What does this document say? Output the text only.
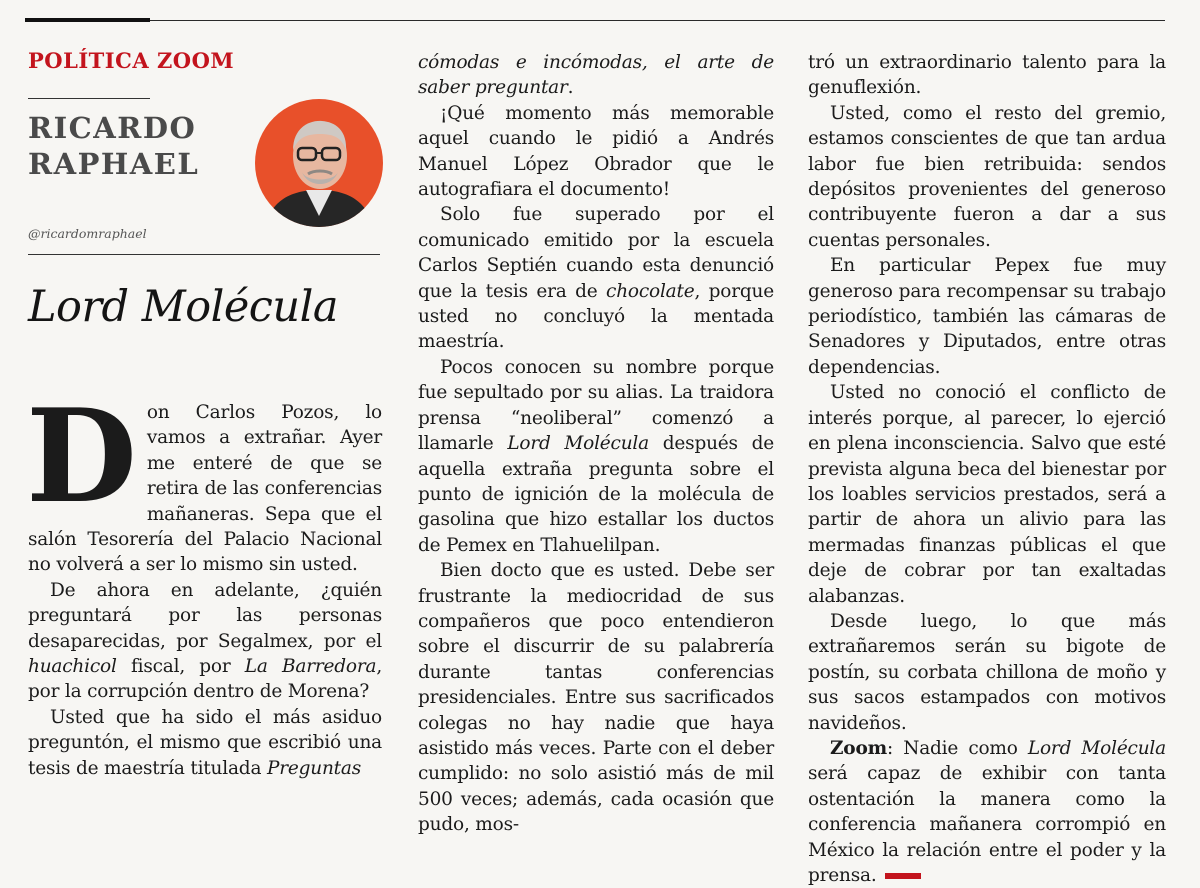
POLÍTICA ZOOM
RICARDO
RAPHAEL
@ricardomraphael
Lord Molécula

Don Carlos Pozos, lo vamos a extrañar. Ayer me enteré de que se retira de las conferencias mañaneras. Sepa que el salón Tesorería del Palacio Nacional no volverá a ser lo mismo sin usted.

De ahora en adelante, ¿quién preguntará por las personas desaparecidas, por Segalmex, por el huachicol fiscal, por La Barredora, por la corrupción dentro de Morena?

Usted que ha sido el más asiduo preguntón, el mismo que escribió una tesis de maestría titulada Preguntas

cómodas e incómodas, el arte de saber preguntar.

¡Qué momento más memorable aquel cuando le pidió a Andrés Manuel López Obrador que le autografiara el documento!

Solo fue superado por el comunicado emitido por la escuela Carlos Septién cuando esta denunció que la tesis era de chocolate, porque usted no concluyó la mentada maestría.

Pocos conocen su nombre porque fue sepultado por su alias. La traidora prensa “neoliberal” comenzó a llamarle Lord Molécula después de aquella extraña pregunta sobre el punto de ignición de la molécula de gasolina que hizo estallar los ductos de Pemex en Tlahuelilpan.

Bien docto que es usted. Debe ser frustrante la mediocridad de sus compañeros que poco entendieron sobre el discurrir de su palabrería durante tantas conferencias presidenciales. Entre sus sacrificados colegas no hay nadie que haya asistido más veces. Parte con el deber cumplido: no solo asistió más de mil 500 veces; además, cada ocasión que pudo, mos-

tró un extraordinario talento para la genuflexión.

Usted, como el resto del gremio, estamos conscientes de que tan ardua labor fue bien retribuida: sendos depósitos provenientes del generoso contribuyente fueron a dar a sus cuentas personales.

En particular Pepex fue muy generoso para recompensar su trabajo periodístico, también las cámaras de Senadores y Diputados, entre otras dependencias.

Usted no conoció el conflicto de interés porque, al parecer, lo ejerció en plena inconsciencia. Salvo que esté prevista alguna beca del bienestar por los loables servicios prestados, será a partir de ahora un alivio para las mermadas finanzas públicas el que deje de cobrar por tan exaltadas alabanzas.

Desde luego, lo que más extrañaremos serán su bigote de postín, su corbata chillona de moño y sus sacos estampados con motivos navideños.

Zoom: Nadie como Lord Molécula será capaz de exhibir con tanta ostentación la manera como la conferencia mañanera corrompió en México la relación entre el poder y la prensa.
